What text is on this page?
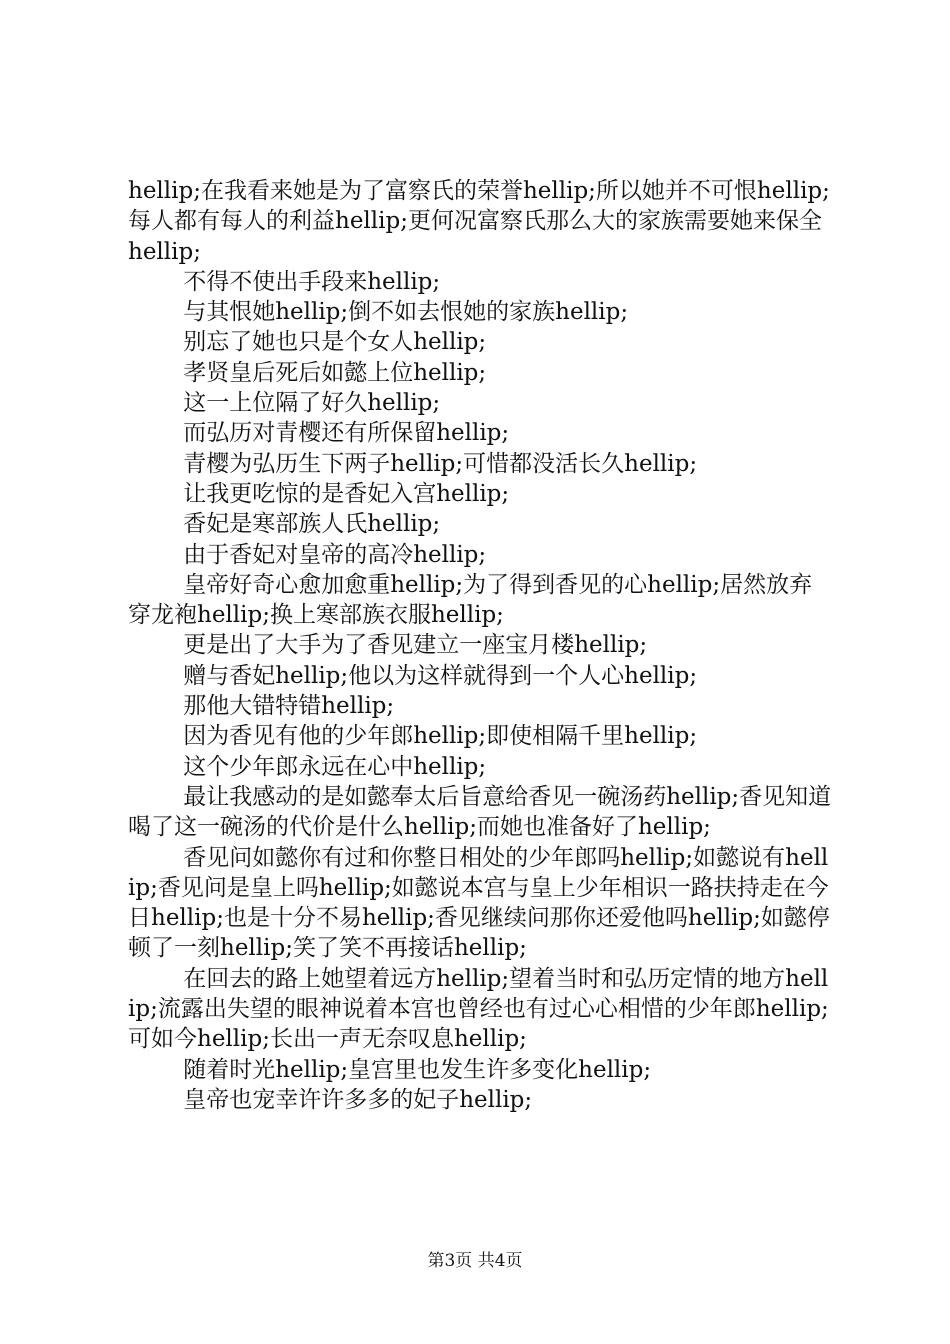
hellip;在我看来她是为了富察氏的荣誉hellip;所以她并不可恨hellip;每人都有每人的利益hellip;更何况富察氏那么大的家族需要她来保全hellip;

不得不使出手段来hellip;

与其恨她hellip;倒不如去恨她的家族hellip;

别忘了她也只是个女人hellip;

孝贤皇后死后如懿上位hellip;

这一上位隔了好久hellip;

而弘历对青樱还有所保留hellip;

青樱为弘历生下两子hellip;可惜都没活长久hellip;

让我更吃惊的是香妃入宫hellip;

香妃是寒部族人氏hellip;

由于香妃对皇帝的高冷hellip;

皇帝好奇心愈加愈重hellip;为了得到香见的心hellip;居然放弃穿龙袍hellip;换上寒部族衣服hellip;

更是出了大手为了香见建立一座宝月楼hellip;

赠与香妃hellip;他以为这样就得到一个人心hellip;

那他大错特错hellip;

因为香见有他的少年郎hellip;即使相隔千里hellip;

这个少年郎永远在心中hellip;

最让我感动的是如懿奉太后旨意给香见一碗汤药hellip;香见知道喝了这一碗汤的代价是什么hellip;而她也准备好了hellip;

香见问如懿你有过和你整日相处的少年郎吗hellip;如懿说有hellip;香见问是皇上吗hellip;如懿说本宫与皇上少年相识一路扶持走在今日hellip;也是十分不易hellip;香见继续问那你还爱他吗hellip;如懿停顿了一刻hellip;笑了笑不再接话hellip;

在回去的路上她望着远方hellip;望着当时和弘历定情的地方hellip;流露出失望的眼神说着本宫也曾经也有过心心相惜的少年郎hellip;可如今hellip;长出一声无奈叹息hellip;

随着时光hellip;皇宫里也发生许多变化hellip;

皇帝也宠幸许许多多的妃子hellip;

第3页 共4页
